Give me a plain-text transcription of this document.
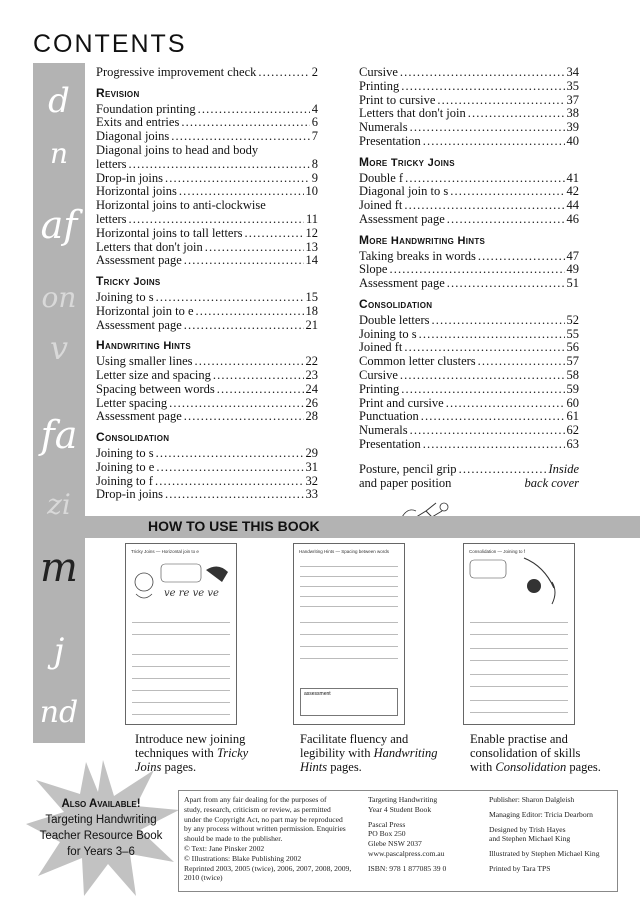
CONTENTS
d
n
af
on
v
fa
zi
m
j
nd
Progressive improvement check . . .	2
Revision
Foundation printing . . .	4
Exits and entries . . .	6
Diagonal joins . . .	7
Diagonal joins to head and body
letters . . .	8
Drop-in joins . . .	9
Horizontal joins . . .	10
Horizontal joins to anti-clockwise
letters . . .	11
Horizontal joins to tall letters . . .	12
Letters that don't join . . .	13
Assessment page . . .	14
Tricky Joins
Joining to s . . .	15
Horizontal join to e . . .	18
Assessment page . . .	21
Handwriting Hints
Using smaller lines . . .	22
Letter size and spacing . . .	23
Spacing between words . . .	24
Letter spacing . . .	26
Assessment page . . .	28
Consolidation
Joining to s . . .	29
Joining to e . . .	31
Joining to f . . .	32
Drop-in joins . . .	33
Cursive . . .	34
Printing . . .	35
Print to cursive . . .	37
Letters that don't join . . .	38
Numerals . . .	39
Presentation . . .	40
More Tricky Joins
Double f . . .	41
Diagonal join to s . . .	42
Joined ft . . .	44
Assessment page . . .	46
More Handwriting Hints
Taking breaks in words . . .	47
Slope . . .	49
Assessment page . . .	51
Consolidation
Double letters . . .	52
Joining to s . . .	55
Joined ft . . .	56
Common letter clusters . . .	57
Cursive . . .	58
Printing . . .	59
Print and cursive . . .	60
Punctuation . . .	61
Numerals . . .	62
Presentation . . .	63
Posture, pencil grip . . .	Inside
and paper position	back cover
HOW TO USE THIS BOOK
Tricky Joins — Horizontal join to e
ve re ve ve
Handwriting Hints — Spacing between words
assessment
Consolidation — Joining to f
Introduce new joining
techniques with Tricky
Joins pages.
Facilitate fluency and
legibility with Handwriting
Hints pages.
Enable practise and
consolidation of skills
with Consolidation pages.
Also Available!
Targeting Handwriting
Teacher Resource Book
for Years 3–6
Apart from any fair dealing for the purposes of
study, research, criticism or review, as permitted
under the Copyright Act, no part may be reproduced
by any process without written permission. Enquiries
should be made to the publisher.
© Text: Jane Pinsker 2002
© Illustrations: Blake Publishing 2002
Reprinted 2003, 2005 (twice), 2006, 2007, 2008, 2009,
2010 (twice)
Targeting Handwriting
Year 4 Student Book
Pascal Press
PO Box 250
Glebe NSW 2037
www.pascalpress.com.au
ISBN: 978 1 877085 39 0
Publisher: Sharon Dalgleish
Managing Editor: Tricia Dearborn
Designed by Trish Hayes
and Stephen Michael King
Illustrated by Stephen Michael King
Printed by Tara TPS
